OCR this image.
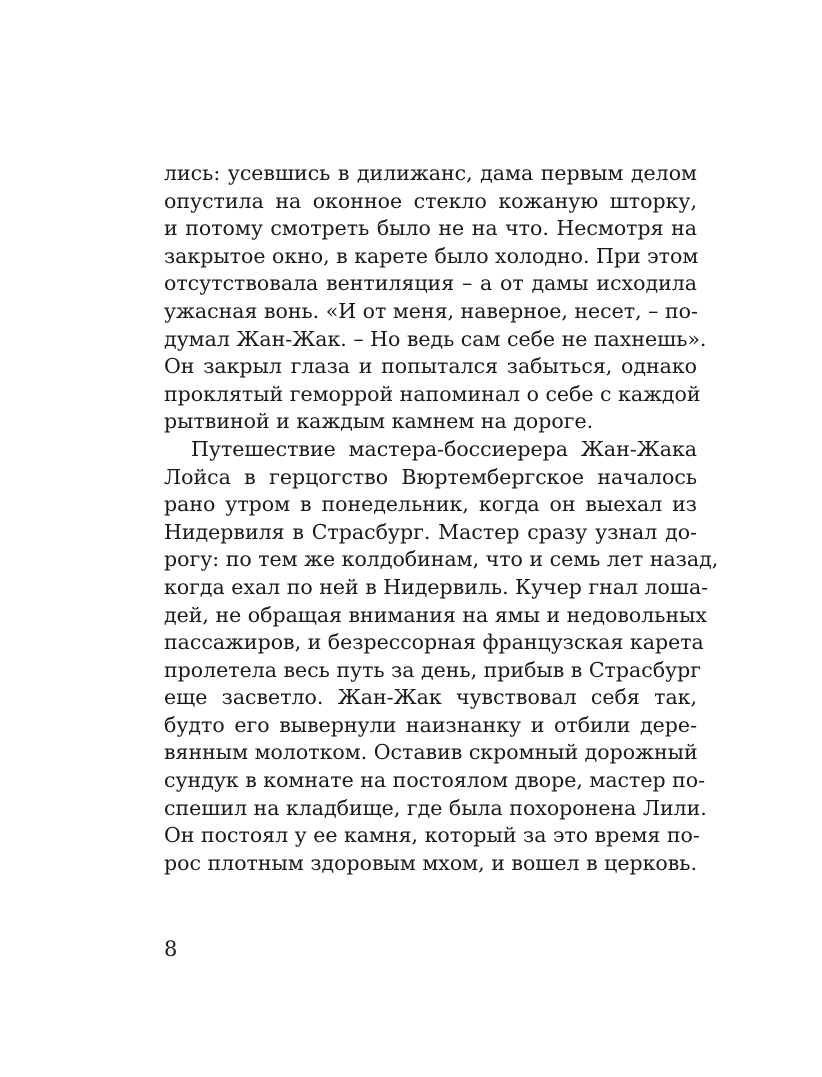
лись: усевшись в дилижанс, дама первым делом
опустила на оконное стекло кожаную шторку,
и потому смотреть было не на что. Несмотря на
закрытое окно, в карете было холодно. При этом
отсутствовала вентиляция – а от дамы исходила
ужасная вонь. «И от меня, наверное, несет, – по-
думал Жан-Жак. – Но ведь сам себе не пахнешь».
Он закрыл глаза и попытался забыться, однако
проклятый геморрой напоминал о себе с каждой
рытвиной и каждым камнем на дороге.
Путешествие мастера-боссиерера Жан-Жака
Лойса в герцогство Вюртембергское началось
рано утром в понедельник, когда он выехал из
Нидервиля в Страсбург. Мастер сразу узнал до-
рогу: по тем же колдобинам, что и семь лет назад,
когда ехал по ней в Нидервиль. Кучер гнал лоша-
дей, не обращая внимания на ямы и недовольных
пассажиров, и безрессорная французская карета
пролетела весь путь за день, прибыв в Страсбург
еще засветло. Жан-Жак чувствовал себя так,
будто его вывернули наизнанку и отбили дере-
вянным молотком. Оставив скромный дорожный
сундук в комнате на постоялом дворе, мастер по-
спешил на кладбище, где была похоронена Лили.
Он постоял у ее камня, который за это время по-
рос плотным здоровым мхом, и вошел в церковь.
8
